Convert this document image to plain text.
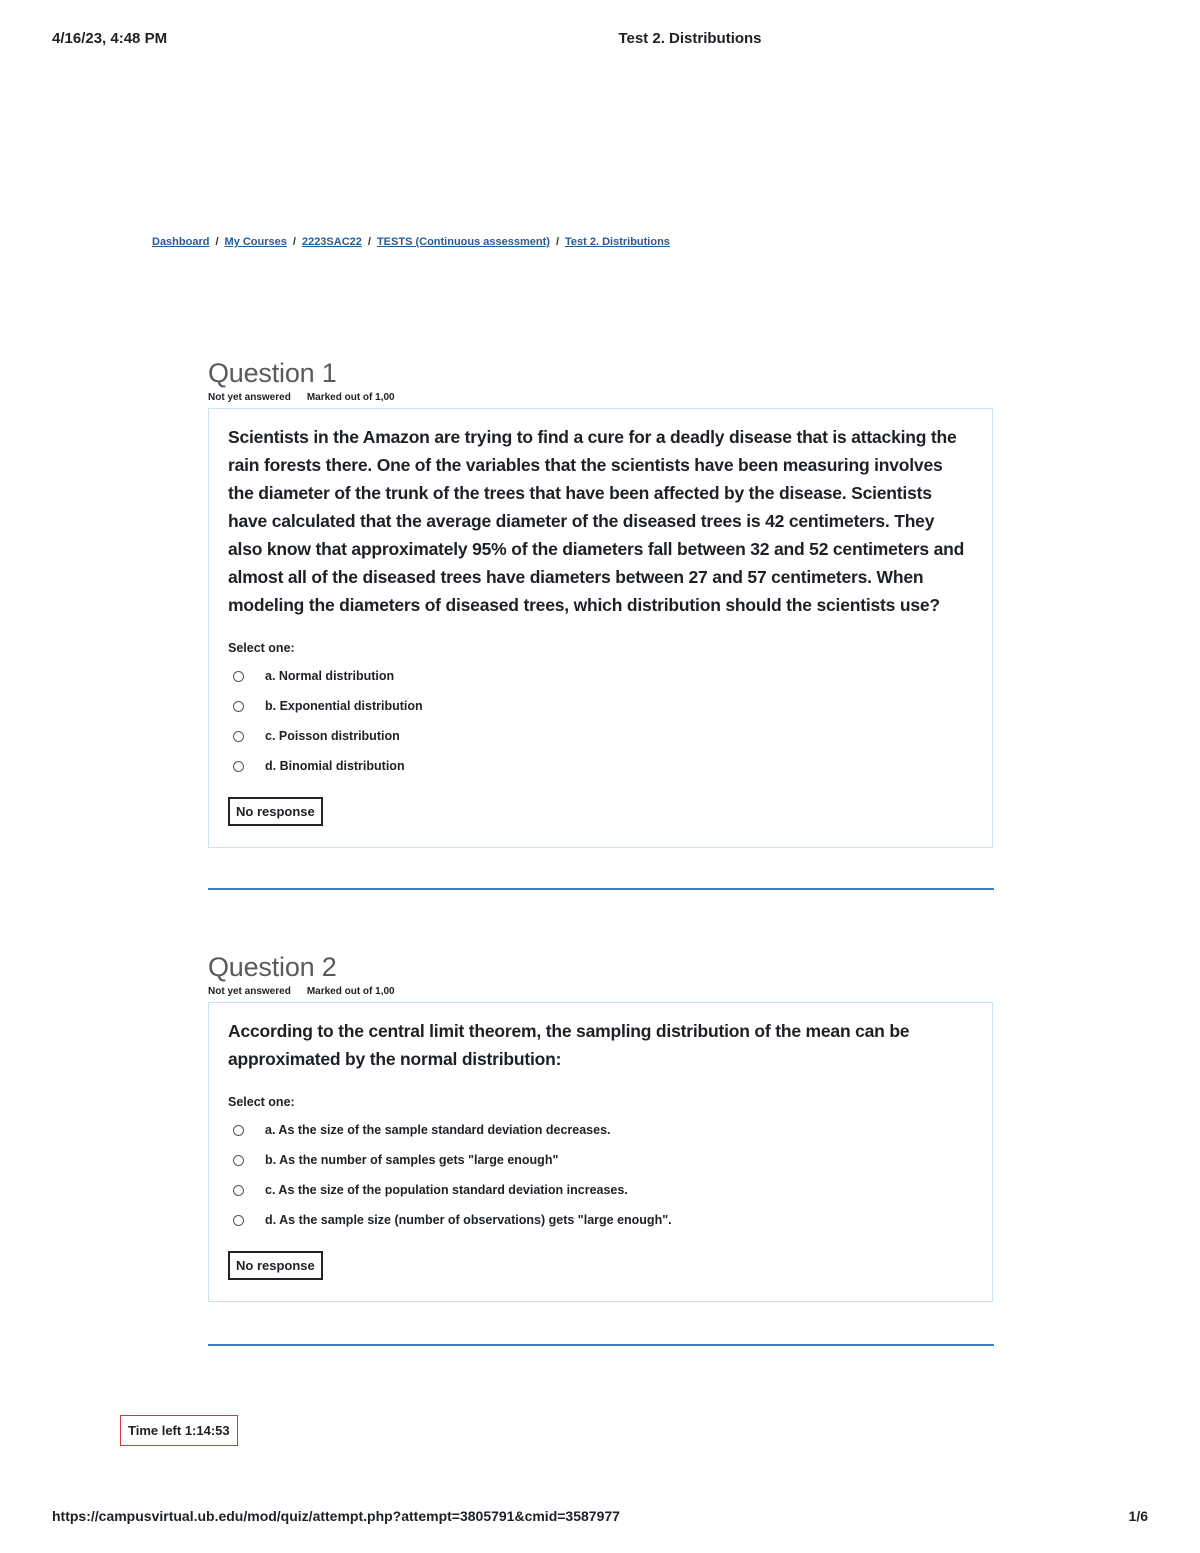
4/16/23, 4:48 PM	Test 2. Distributions
Dashboard / My Courses / 2223SAC22 / TESTS (Continuous assessment) / Test 2. Distributions
Question 1
Not yet answered Marked out of 1,00

Scientists in the Amazon are trying to find a cure for a deadly disease that is attacking the rain forests there. One of the variables that the scientists have been measuring involves the diameter of the trunk of the trees that have been affected by the disease. Scientists have calculated that the average diameter of the diseased trees is 42 centimeters. They also know that approximately 95% of the diameters fall between 32 and 52 centimeters and almost all of the diseased trees have diameters between 27 and 57 centimeters. When modeling the diameters of diseased trees, which distribution should the scientists use?

Select one:
a. Normal distribution
b. Exponential distribution
c. Poisson distribution
d. Binomial distribution
No response
Question 2
Not yet answered Marked out of 1,00

According to the central limit theorem, the sampling distribution of the mean can be approximated by the normal distribution:

Select one:
a. As the size of the sample standard deviation decreases.
b. As the number of samples gets "large enough"
c. As the size of the population standard deviation increases.
d. As the sample size (number of observations) gets "large enough".
No response
Time left 1:14:53
https://campusvirtual.ub.edu/mod/quiz/attempt.php?attempt=3805791&cmid=3587977	1/6
